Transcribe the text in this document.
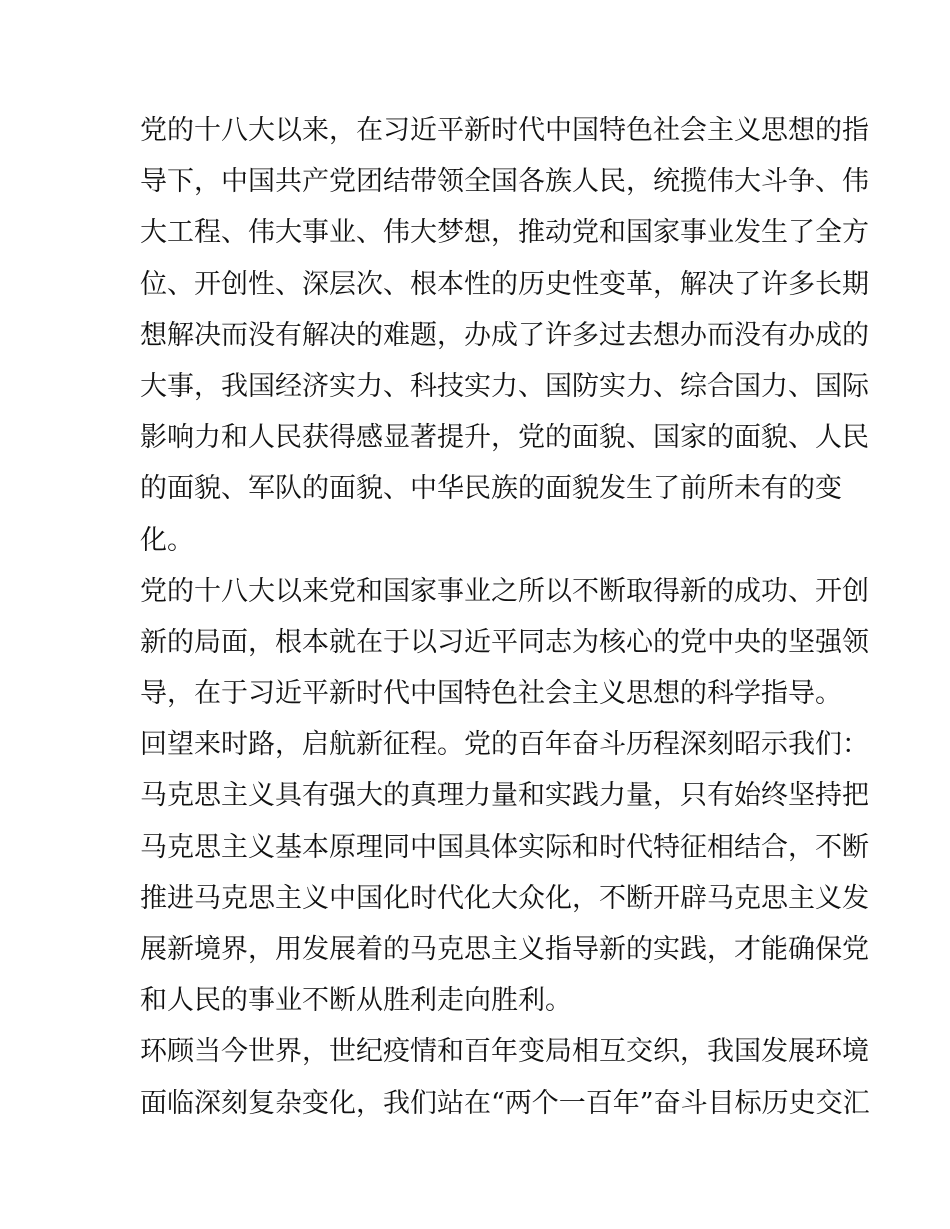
党的十八大以来，在习近平新时代中国特色社会主义思想的指
导下，中国共产党团结带领全国各族人民，统揽伟大斗争、伟
大工程、伟大事业、伟大梦想，推动党和国家事业发生了全方
位、开创性、深层次、根本性的历史性变革，解决了许多长期
想解决而没有解决的难题，办成了许多过去想办而没有办成的
大事，我国经济实力、科技实力、国防实力、综合国力、国际
影响力和人民获得感显著提升，党的面貌、国家的面貌、人民
的面貌、军队的面貌、中华民族的面貌发生了前所未有的变
化。
党的十八大以来党和国家事业之所以不断取得新的成功、开创
新的局面，根本就在于以习近平同志为核心的党中央的坚强领
导，在于习近平新时代中国特色社会主义思想的科学指导。
回望来时路，启航新征程。党的百年奋斗历程深刻昭示我们：
马克思主义具有强大的真理力量和实践力量，只有始终坚持把
马克思主义基本原理同中国具体实际和时代特征相结合，不断
推进马克思主义中国化时代化大众化，不断开辟马克思主义发
展新境界，用发展着的马克思主义指导新的实践，才能确保党
和人民的事业不断从胜利走向胜利。
环顾当今世界，世纪疫情和百年变局相互交织，我国发展环境
面临深刻复杂变化，我们站在“两个一百年”奋斗目标历史交汇
